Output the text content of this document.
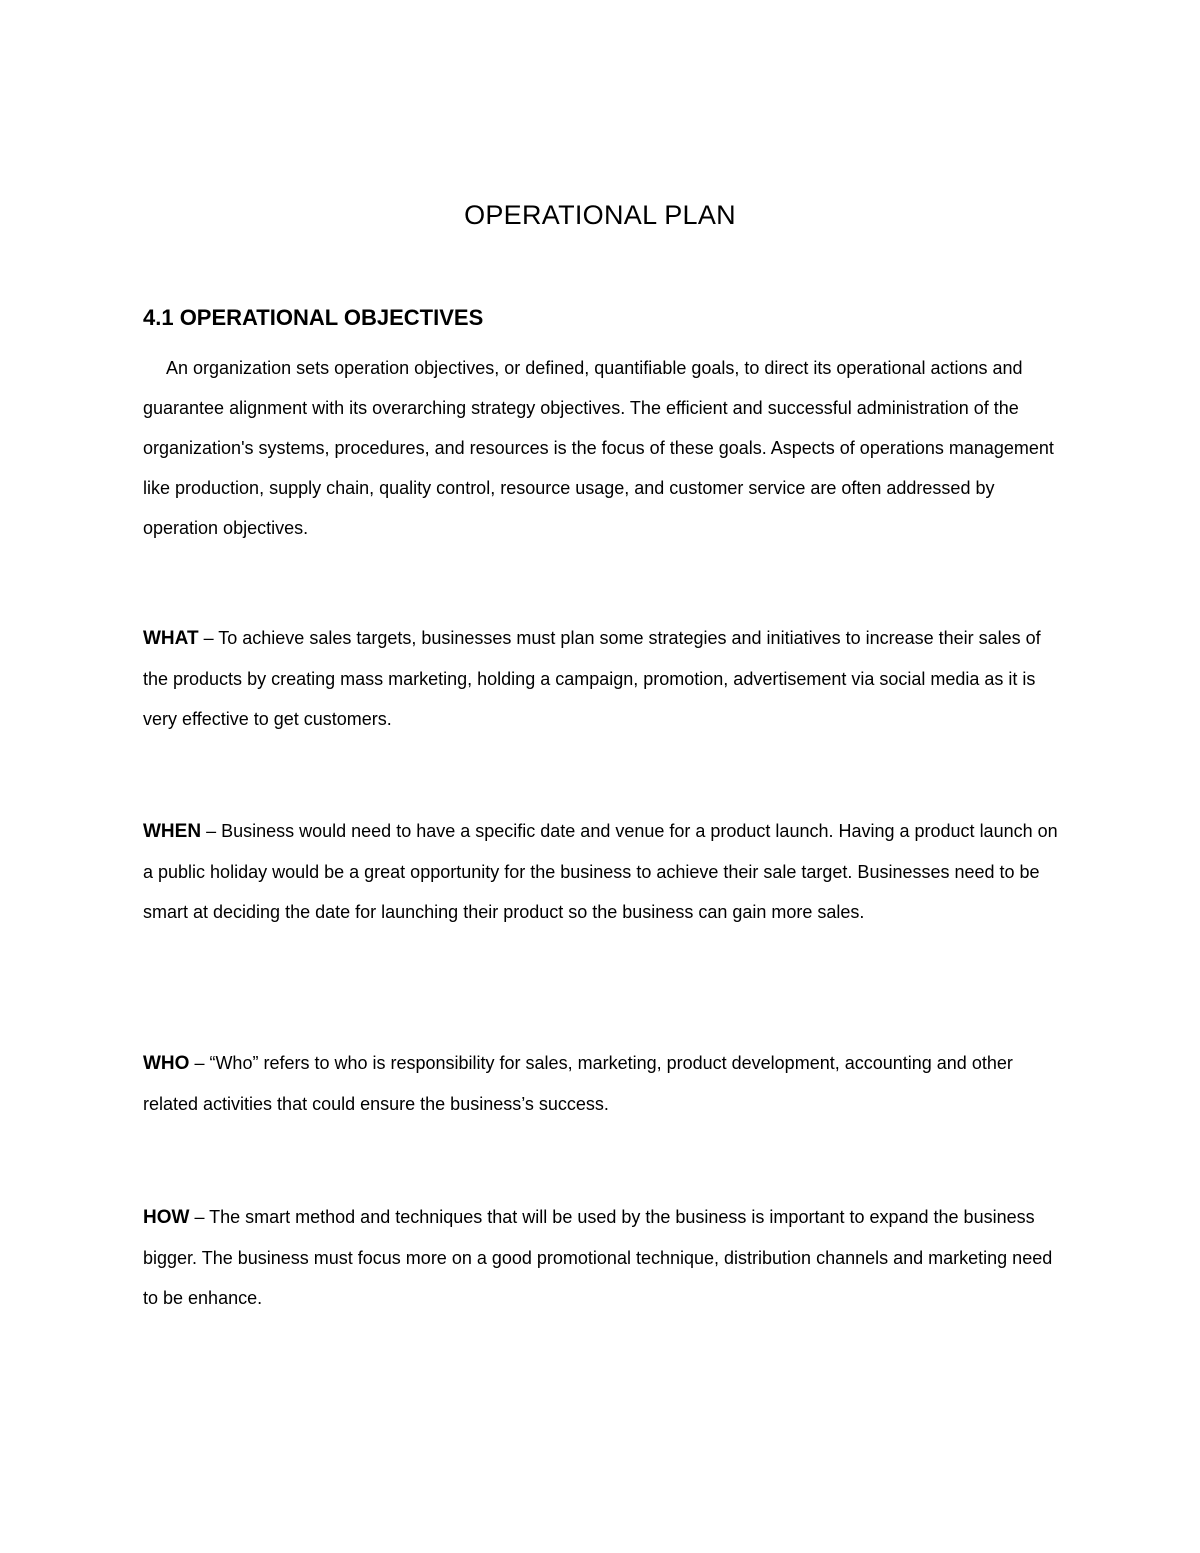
OPERATIONAL PLAN
4.1 OPERATIONAL OBJECTIVES

An organization sets operation objectives, or defined, quantifiable goals, to direct its operational actions and guarantee alignment with its overarching strategy objectives. The efficient and successful administration of the organization's systems, procedures, and resources is the focus of these goals. Aspects of operations management like production, supply chain, quality control, resource usage, and customer service are often addressed by operation objectives.

WHAT – To achieve sales targets, businesses must plan some strategies and initiatives to increase their sales of the products by creating mass marketing, holding a campaign, promotion, advertisement via social media as it is very effective to get customers.

WHEN – Business would need to have a specific date and venue for a product launch. Having a product launch on a public holiday would be a great opportunity for the business to achieve their sale target. Businesses need to be smart at deciding the date for launching their product so the business can gain more sales.

WHO – “Who” refers to who is responsibility for sales, marketing, product development, accounting and other related activities that could ensure the business’s success.

HOW – The smart method and techniques that will be used by the business is important to expand the business bigger. The business must focus more on a good promotional technique, distribution channels and marketing need to be enhance.
